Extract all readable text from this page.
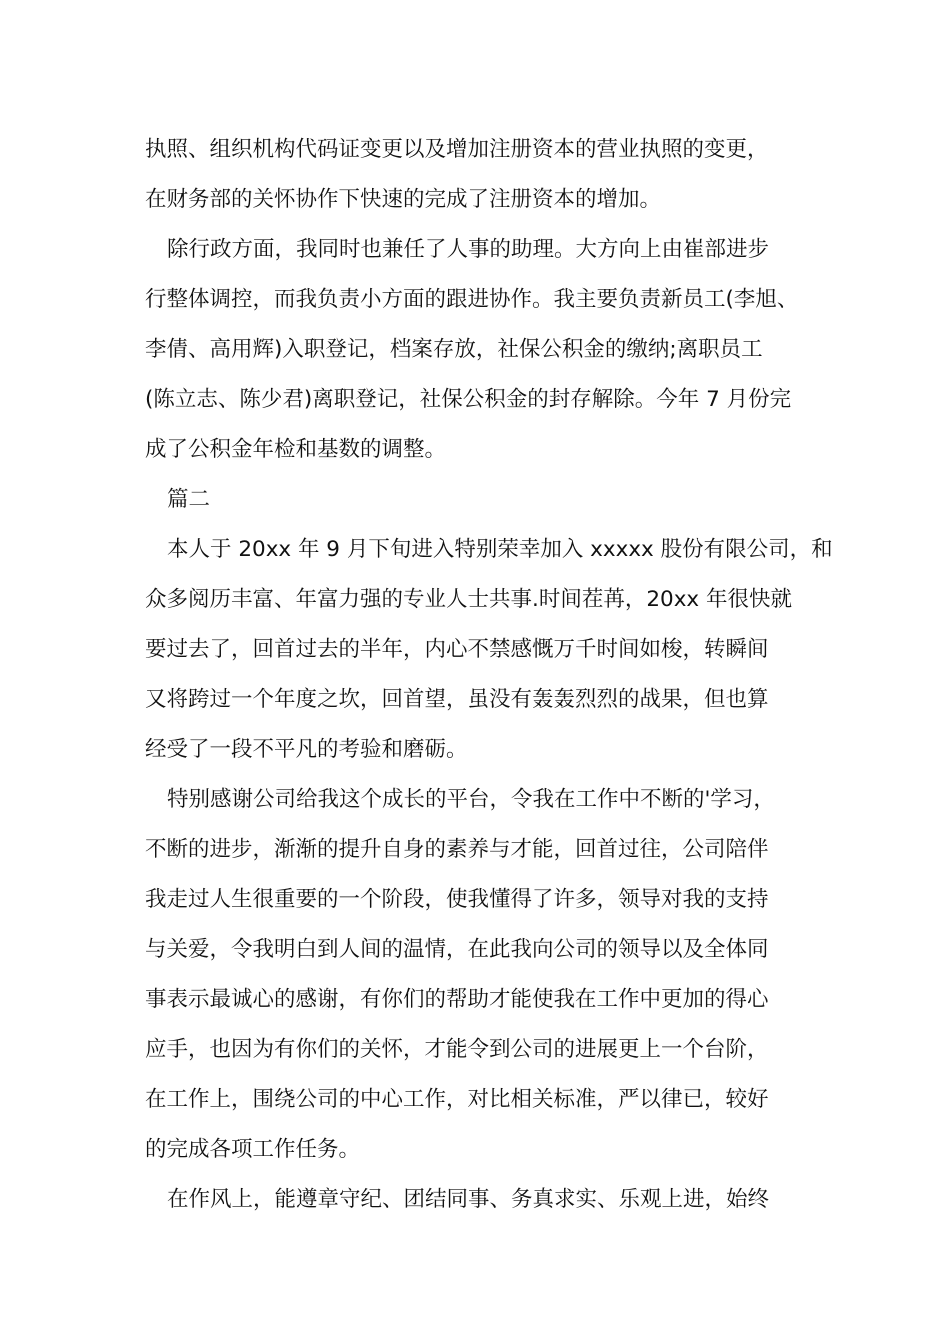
执照、组织机构代码证变更以及增加注册资本的营业执照的变更，
在财务部的关怀协作下快速的完成了注册资本的增加。
除行政方面，我同时也兼任了人事的助理。大方向上由崔部进步
行整体调控，而我负责小方面的跟进协作。我主要负责新员工(李旭、
李倩、高用辉)入职登记，档案存放，社保公积金的缴纳;离职员工
(陈立志、陈少君)离职登记，社保公积金的封存解除。今年 7 月份完
成了公积金年检和基数的调整。
篇二
本人于 20xx 年 9 月下旬进入特别荣幸加入 xxxxx 股份有限公司，和
众多阅历丰富、年富力强的专业人士共事.时间茬苒，20xx 年很快就
要过去了，回首过去的半年，内心不禁感慨万千时间如梭，转瞬间
又将跨过一个年度之坎，回首望，虽没有轰轰烈烈的战果，但也算
经受了一段不平凡的考验和磨砺。
特别感谢公司给我这个成长的平台，令我在工作中不断的'学习，
不断的进步，渐渐的提升自身的素养与才能，回首过往，公司陪伴
我走过人生很重要的一个阶段，使我懂得了许多，领导对我的支持
与关爱，令我明白到人间的温情，在此我向公司的领导以及全体同
事表示最诚心的感谢，有你们的帮助才能使我在工作中更加的得心
应手，也因为有你们的关怀，才能令到公司的进展更上一个台阶，
在工作上，围绕公司的中心工作，对比相关标准，严以律已，较好
的完成各项工作任务。
在作风上，能遵章守纪、团结同事、务真求实、乐观上进，始终
